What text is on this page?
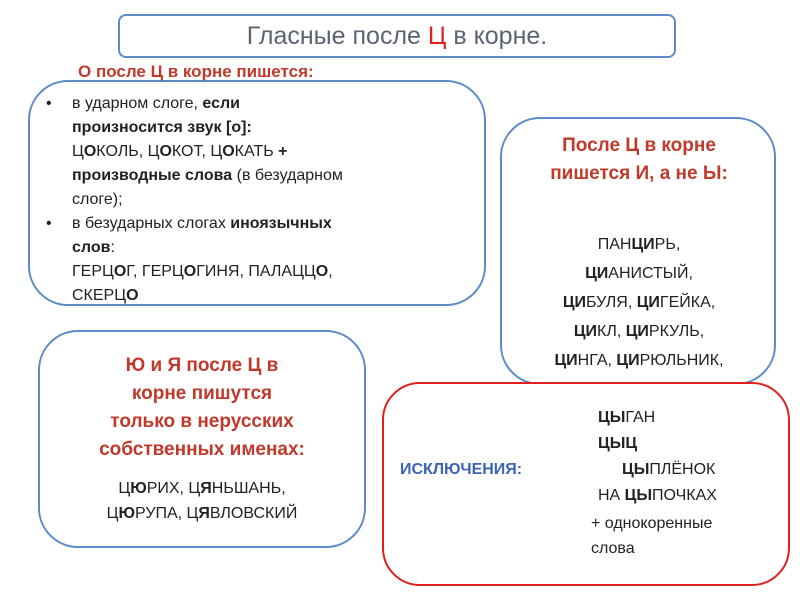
Гласные после Ц в корне.
О после Ц в корне пишется:
• в ударном слоге, если
произносится звук [о]:
ЦОКОЛЬ, ЦОКОТ, ЦОКАТЬ +
производные слова (в безударном
слоге);
• в безударных слогах иноязычных
слов:
ГЕРЦОГ, ГЕРЦОГИНЯ, ПАЛАЦЦО,
СКЕРЦО
После Ц в корне
пишется И, а не Ы:
ПАНЦИРЬ,
ЦИАНИСТЫЙ,
ЦИБУЛЯ, ЦИГЕЙКА,
ЦИКЛ, ЦИРКУЛЬ,
ЦИНГА, ЦИРЮЛЬНИК,
Ю и Я после Ц в
корне пишутся
только в нерусских
собственных именах:
ЦЮРИХ, ЦЯНЬШАНЬ,
ЦЮРУПА, ЦЯВЛОВСКИЙ
ИСКЛЮЧЕНИЯ:
ЦЫГАН
ЦЫЦ
ЦЫПЛЁНОК
НА ЦЫПОЧКАХ
+ однокоренные
слова
